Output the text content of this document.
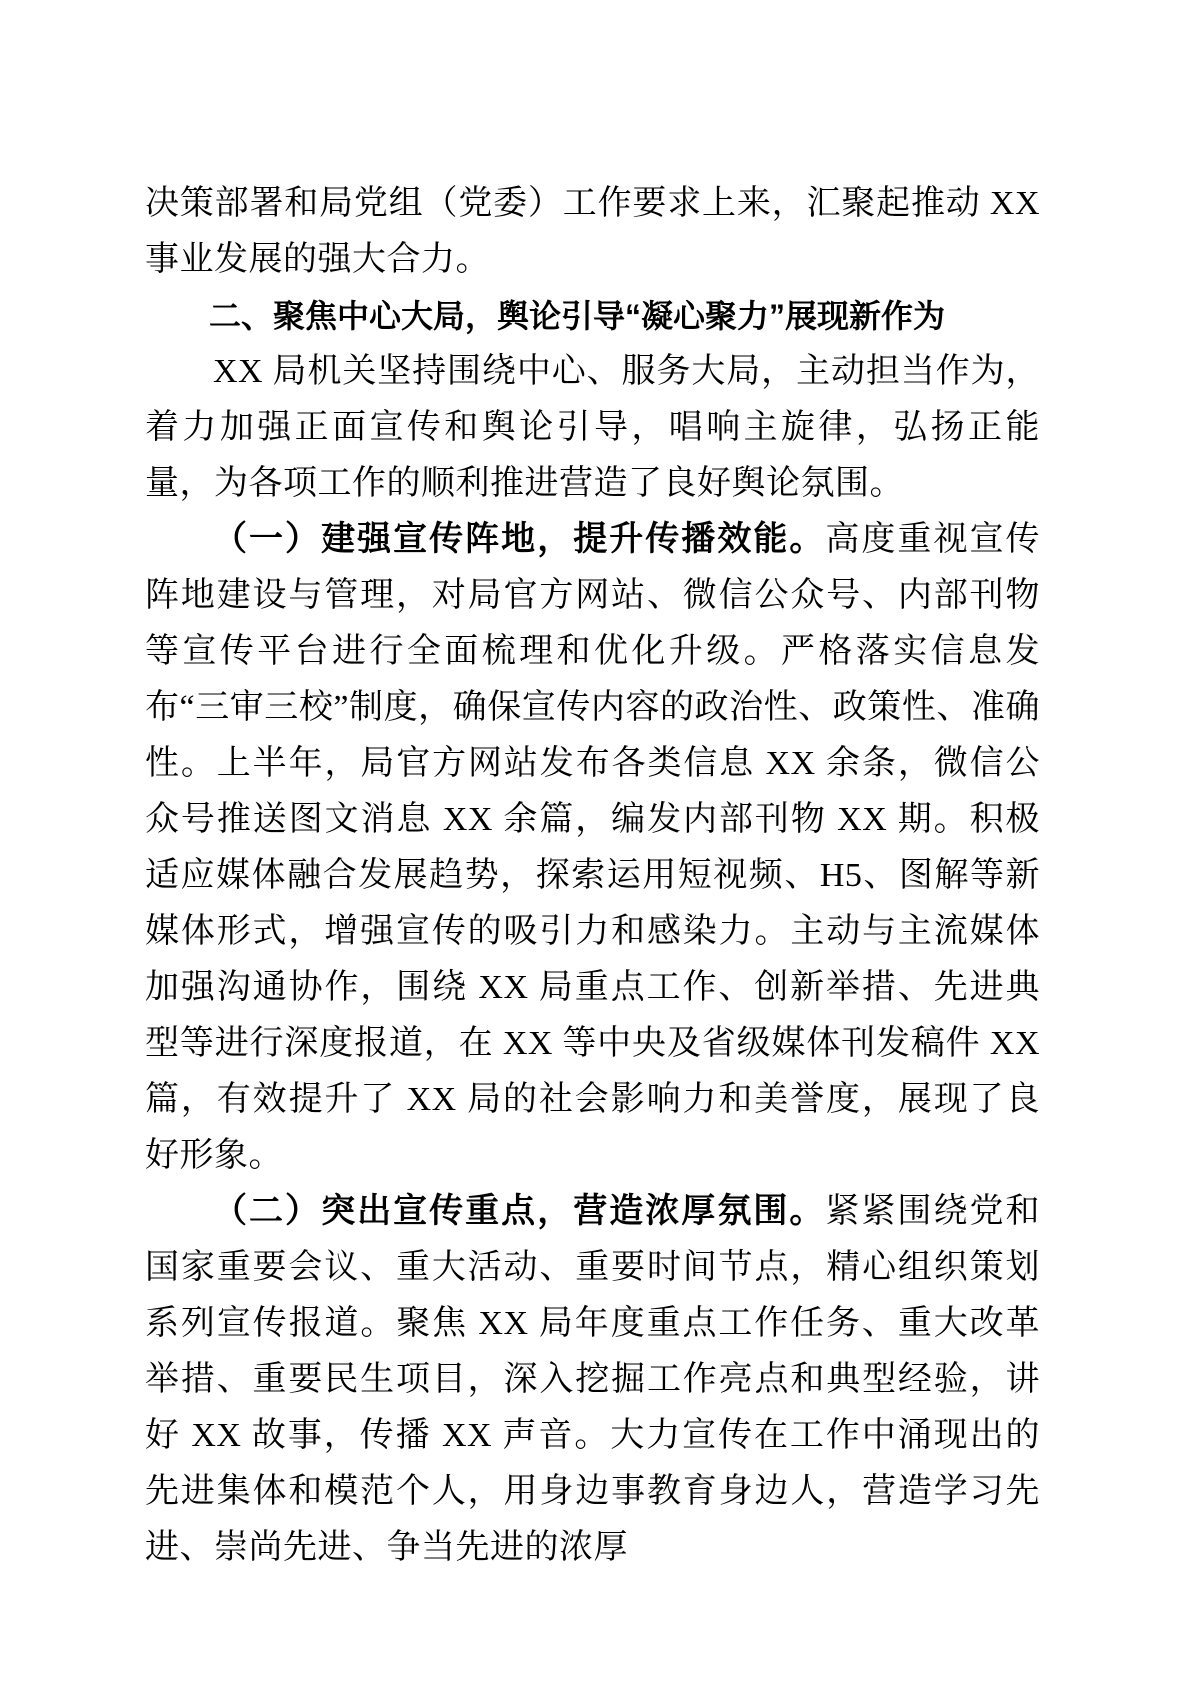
决策部署和局党组（党委）工作要求上来，汇聚起推动 XX 事业发展的强大合力。

二、聚焦中心大局，舆论引导“凝心聚力”展现新作为

XX 局机关坚持围绕中心、服务大局，主动担当作为，着力加强正面宣传和舆论引导，唱响主旋律，弘扬正能量，为各项工作的顺利推进营造了良好舆论氛围。

（一）建强宣传阵地，提升传播效能。高度重视宣传阵地建设与管理，对局官方网站、微信公众号、内部刊物等宣传平台进行全面梳理和优化升级。严格落实信息发布“三审三校”制度，确保宣传内容的政治性、政策性、准确性。上半年，局官方网站发布各类信息 XX 余条，微信公众号推送图文消息 XX 余篇，编发内部刊物 XX 期。积极适应媒体融合发展趋势，探索运用短视频、H5、图解等新媒体形式，增强宣传的吸引力和感染力。主动与主流媒体加强沟通协作，围绕 XX 局重点工作、创新举措、先进典型等进行深度报道，在 XX 等中央及省级媒体刊发稿件 XX 篇，有效提升了 XX 局的社会影响力和美誉度，展现了良好形象。

（二）突出宣传重点，营造浓厚氛围。紧紧围绕党和国家重要会议、重大活动、重要时间节点，精心组织策划系列宣传报道。聚焦 XX 局年度重点工作任务、重大改革举措、重要民生项目，深入挖掘工作亮点和典型经验，讲好 XX 故事，传播 XX 声音。大力宣传在工作中涌现出的先进集体和模范个人，用身边事教育身边人，营造学习先进、崇尚先进、争当先进的浓厚
